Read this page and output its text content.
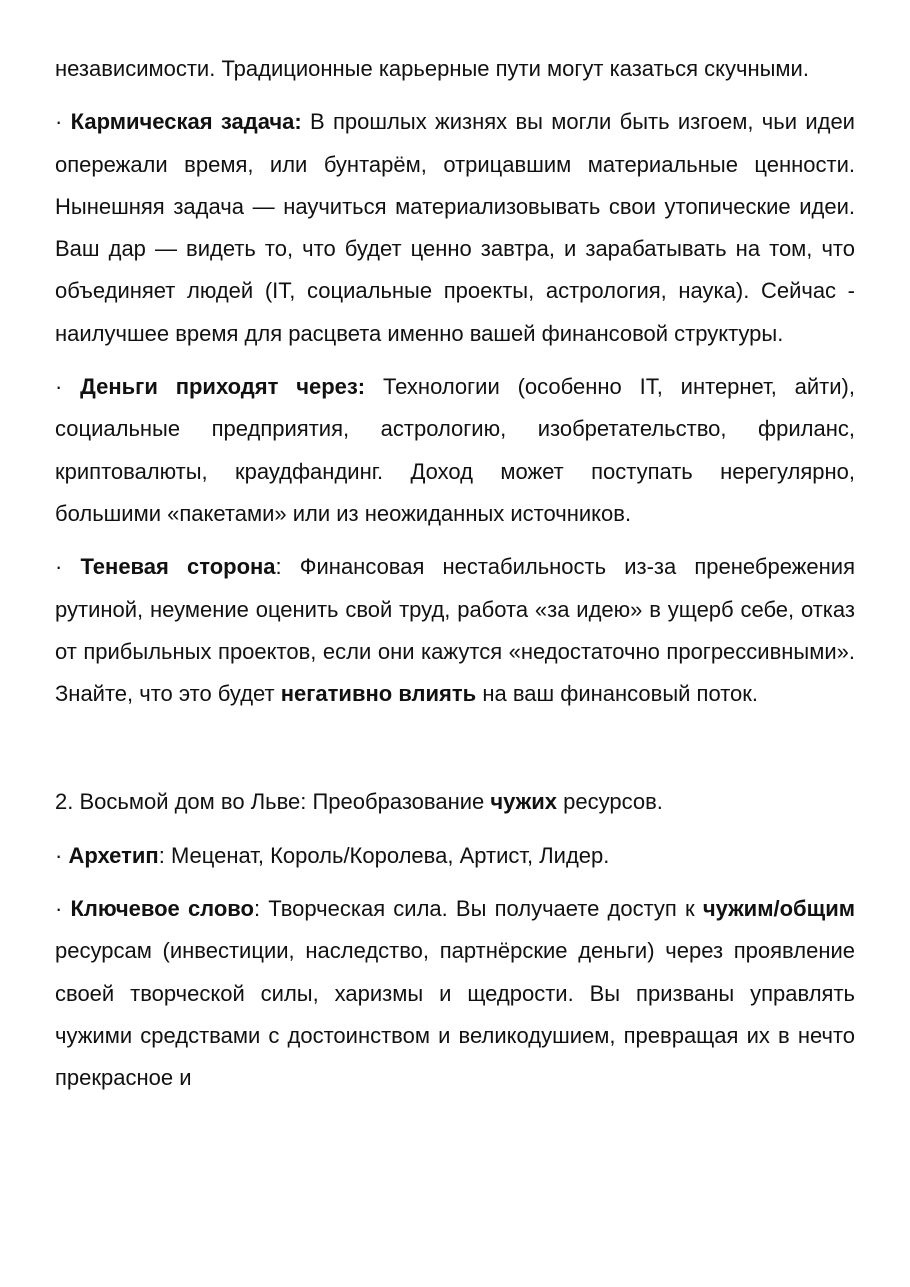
независимости. Традиционные карьерные пути могут казаться скучными.

· Кармическая задача: В прошлых жизнях вы могли быть изгоем, чьи идеи опережали время, или бунтарём, отрицавшим материальные ценности. Нынешняя задача — научиться материализовывать свои утопические идеи. Ваш дар — видеть то, что будет ценно завтра, и зарабатывать на том, что объединяет людей (IT, социальные проекты, астрология, наука). Сейчас - наилучшее время для расцвета именно вашей финансовой структуры.

· Деньги приходят через: Технологии (особенно IT, интернет, айти), социальные предприятия, астрологию, изобретательство, фриланс, криптовалюты, краудфандинг. Доход может поступать нерегулярно, большими «пакетами» или из неожиданных источников.

· Теневая сторона: Финансовая нестабильность из-за пренебрежения рутиной, неумение оценить свой труд, работа «за идею» в ущерб себе, отказ от прибыльных проектов, если они кажутся «недостаточно прогрессивными». Знайте, что это будет негативно влиять на ваш финансовый поток.

2. Восьмой дом во Льве: Преобразование чужих ресурсов.

· Архетип: Меценат, Король/Королева, Артист, Лидер.

· Ключевое слово: Творческая сила. Вы получаете доступ к чужим/общим ресурсам (инвестиции, наследство, партнёрские деньги) через проявление своей творческой силы, харизмы и щедрости. Вы призваны управлять чужими средствами с достоинством и великодушием, превращая их в нечто прекрасное и
